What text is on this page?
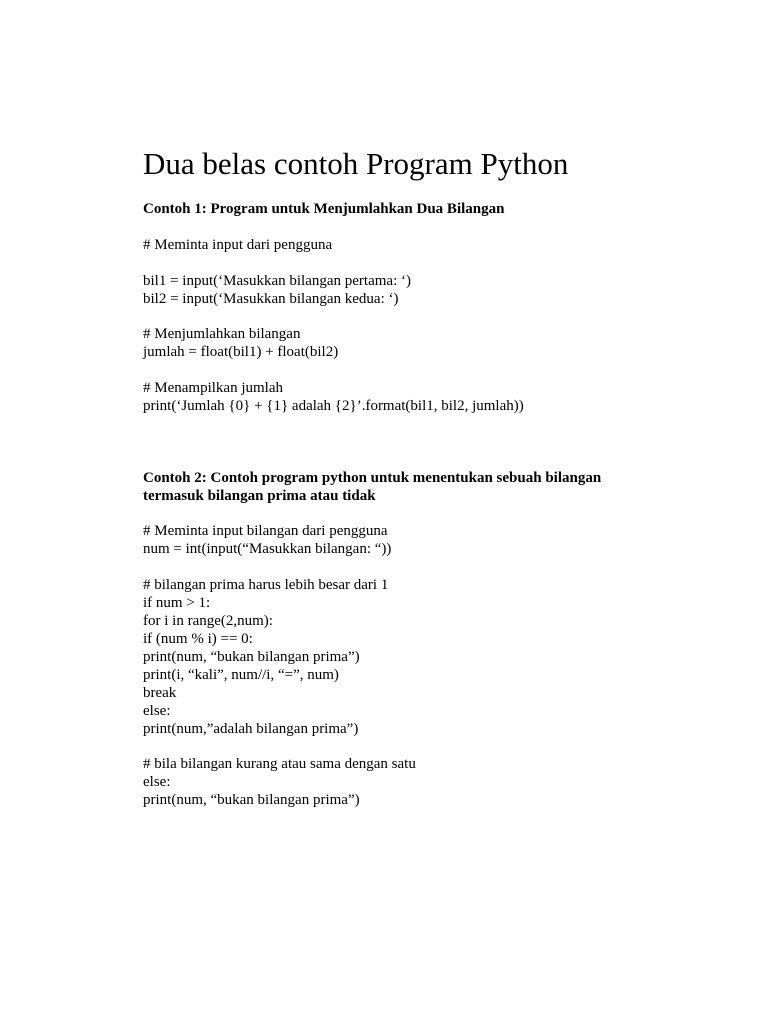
Dua belas contoh Program Python
Contoh 1: Program untuk Menjumlahkan Dua Bilangan
# Meminta input dari pengguna
bil1 = input(‘Masukkan bilangan pertama: ‘)
bil2 = input(‘Masukkan bilangan kedua: ‘)
# Menjumlahkan bilangan
jumlah = float(bil1) + float(bil2)
# Menampilkan jumlah
print(‘Jumlah {0} + {1} adalah {2}’.format(bil1, bil2, jumlah))
Contoh 2: Contoh program python untuk menentukan sebuah bilangan
termasuk bilangan prima atau tidak
# Meminta input bilangan dari pengguna
num = int(input(“Masukkan bilangan: “))
# bilangan prima harus lebih besar dari 1
if num > 1:
for i in range(2,num):
if (num % i) == 0:
print(num, “bukan bilangan prima”)
print(i, “kali”, num//i, “=”, num)
break
else:
print(num,”adalah bilangan prima”)
# bila bilangan kurang atau sama dengan satu
else:
print(num, “bukan bilangan prima”)
